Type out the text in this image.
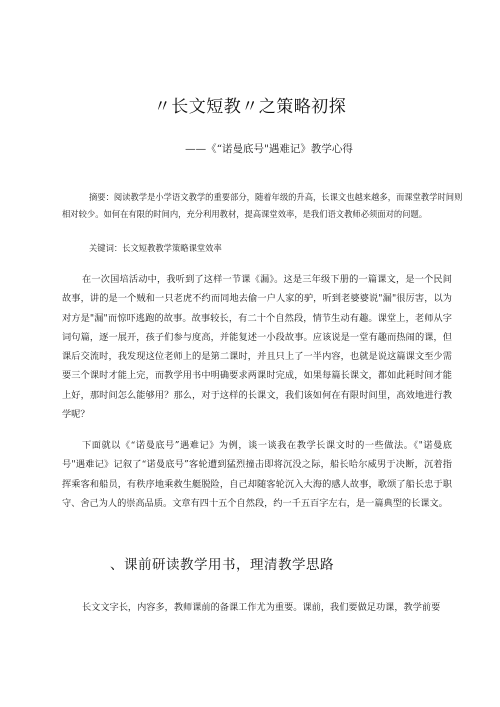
〃长文短教〃之策略初探
——《“诺曼底号"遇难记》教学心得
摘要：阅读教学是小学语文教学的重要部分，随着年级的升高，长课文也越来越多，而课堂教学时间则相对较少。如何在有限的时间内，充分利用教材，提高课堂效率，是我们语文教师必须面对的问题。
关键词：长文短教教学策略课堂效率
在一次国培活动中，我听到了这样一节课《漏》。这是三年级下册的一篇课文，是一个民间故事，讲的是一个贼和一只老虎不约而同地去偷一户人家的驴，听到老婆婆说"漏"很厉害，以为对方是"漏"而惊吓逃跑的故事。故事较长，有二十个自然段，情节生动有趣。课堂上，老师从字词句篇，逐一展开，孩子们参与度高，并能复述一小段故事。应该说是一堂有趣而热闹的课，但课后交流时，我发现这位老师上的是第二课时，并且只上了一半内容，也就是说这篇课文至少需要三个课时才能上完，而教学用书中明确要求两课时完成，如果每篇长课文，都如此耗时间才能上好，那时间怎么能够用？那么，对于这样的长课文，我们该如何在有限时间里，高效地进行教学呢？
下面就以《“诺曼底号”遇难记》为例，谈一谈我在教学长课文时的一些做法。《"诺曼底号"遇难记》记叙了“诺曼底号”客轮遭到猛烈撞击即将沉没之际，船长哈尔威男于决断，沉着指挥乘客和船员，有秩序地乘救生艇脱险，自己却随客轮沉入大海的感人故事，歌颂了船长忠于职守、舍己为人的崇高品质。文章有四十五个自然段，约一千五百字左右，是一篇典型的长课文。
、课前研读教学用书，理清教学思路
长文文字长，内容多，教师课前的备课工作尤为重要。课前，我们要做足功课，教学前要
